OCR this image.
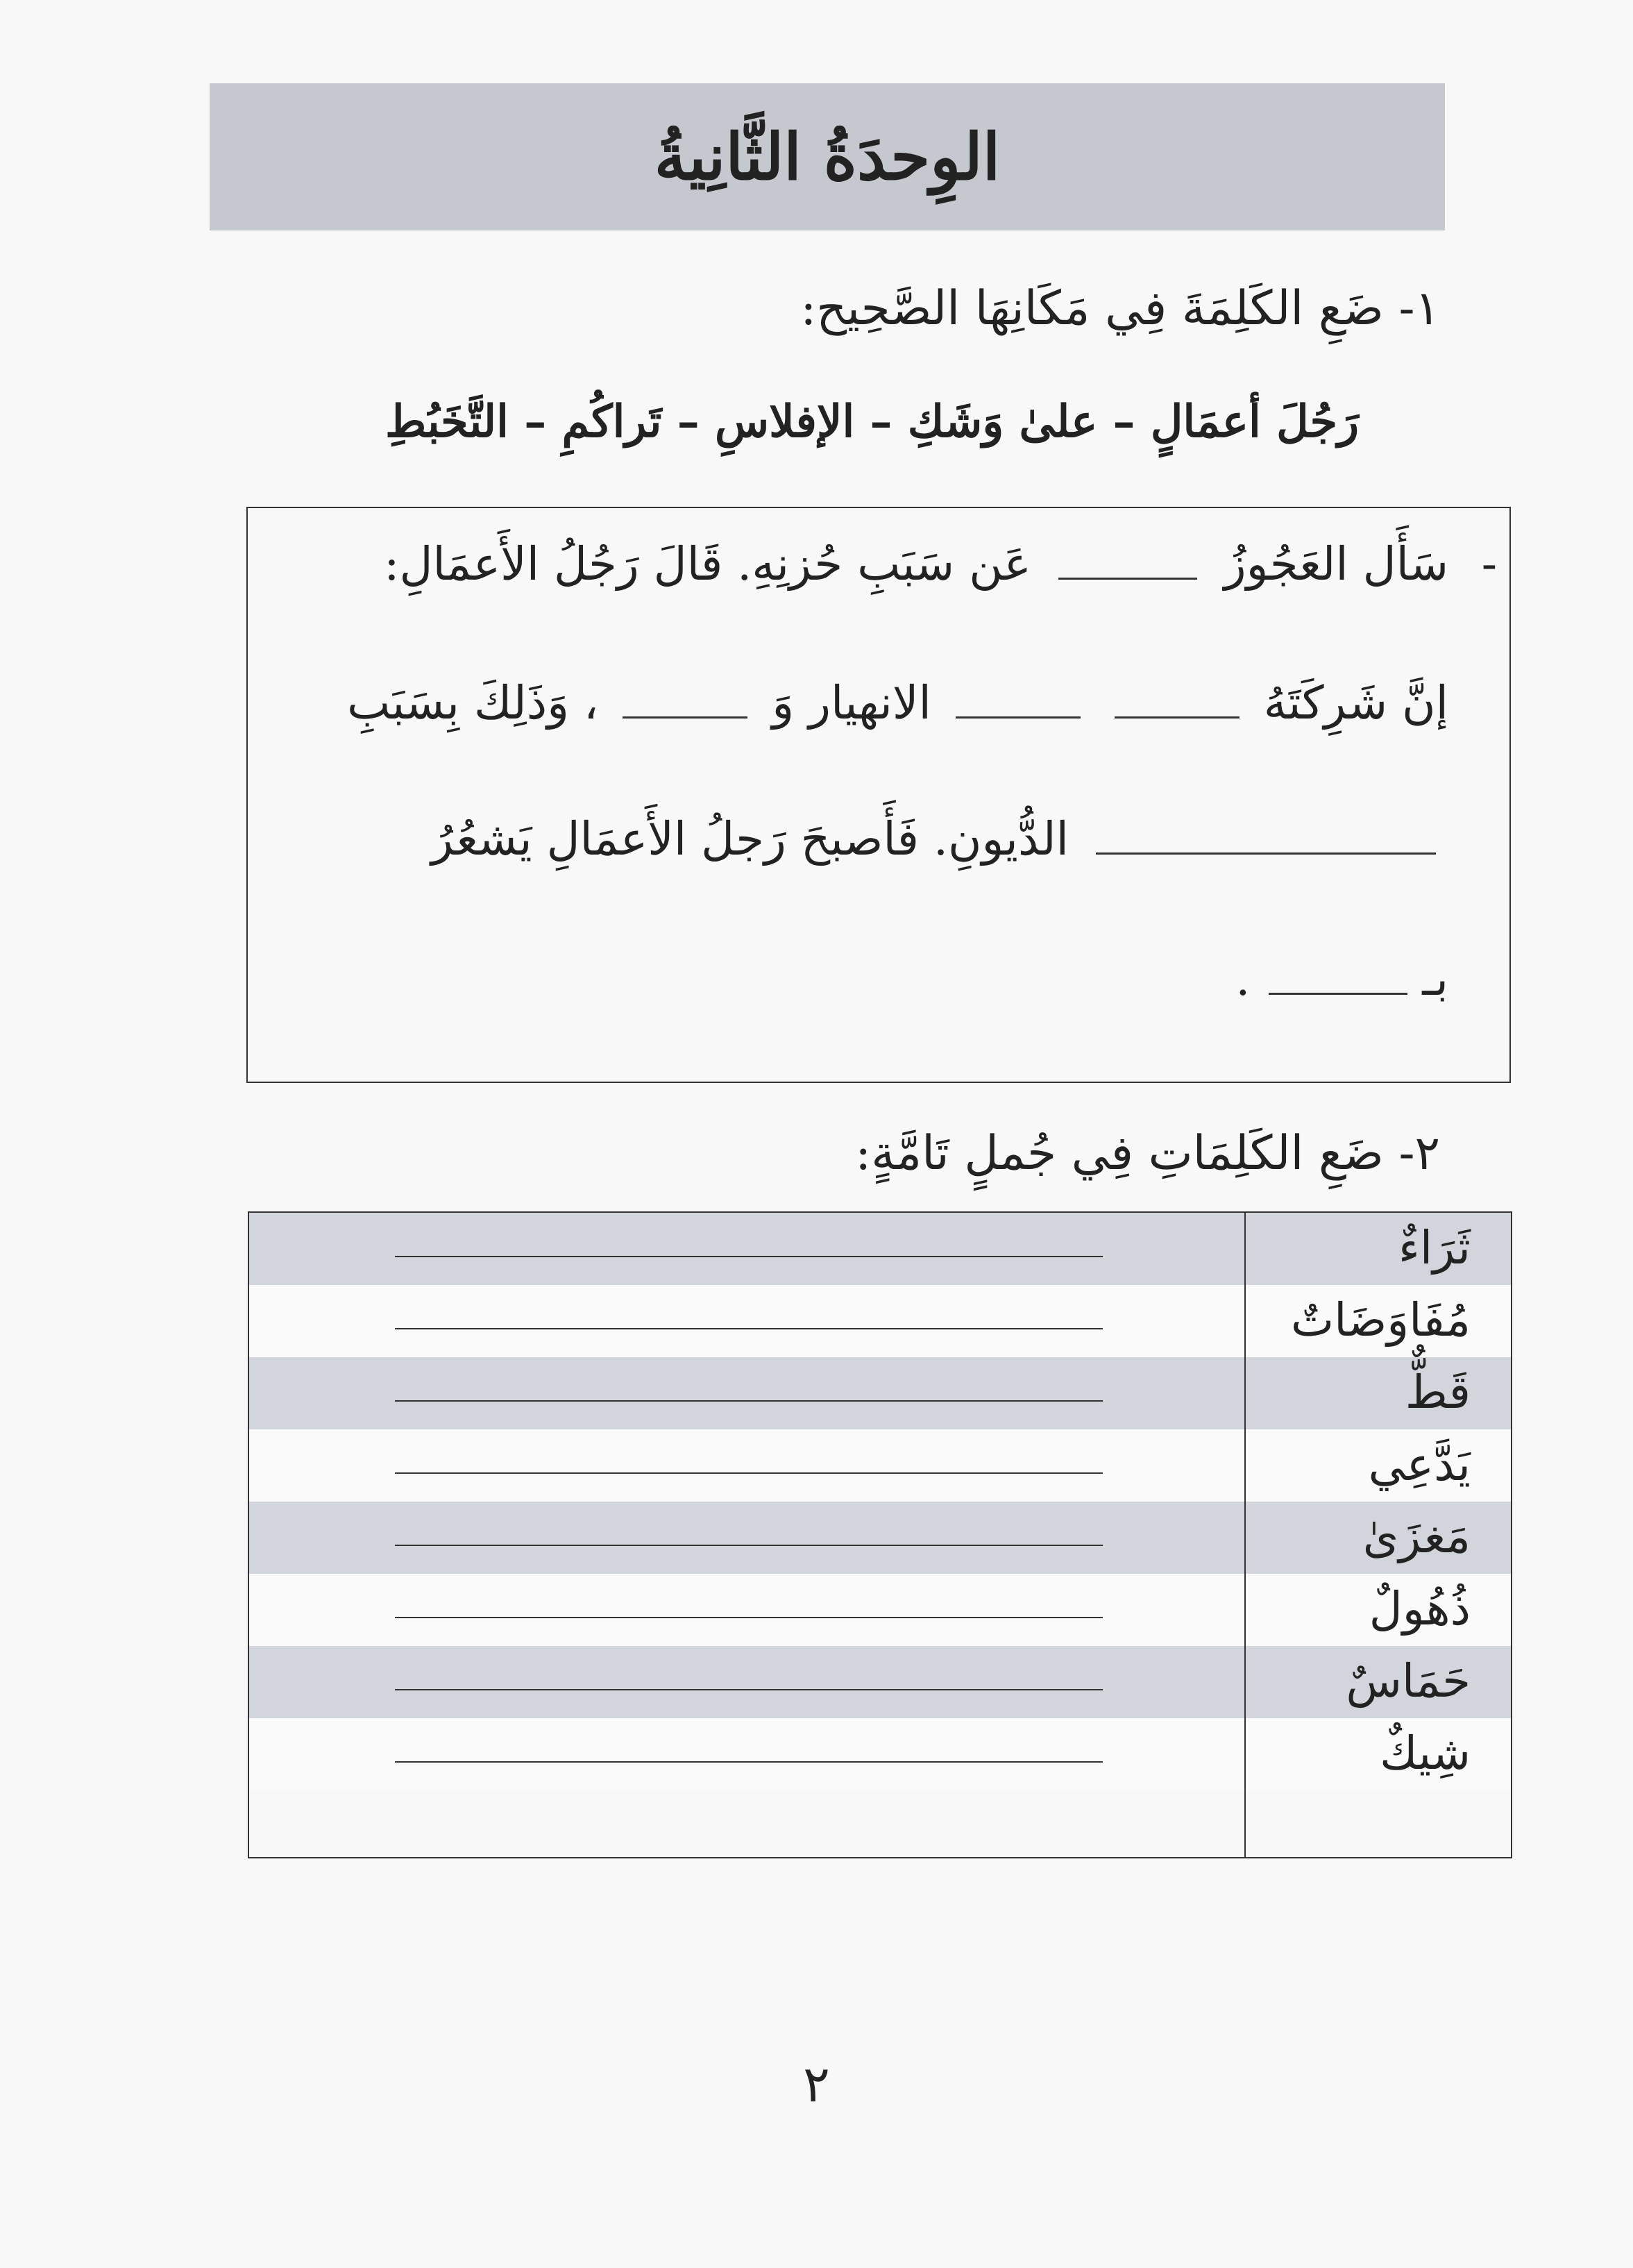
الوِحدَةُ الثَّانِيةُ
١- ضَعِ الكَلِمَةَ فِي مَكَانِهَا الصَّحِيح:
رَجُلَ أعمَالٍ – علىٰ وَشَكِ – الإفلاسِ – تَراكُمِ – التَّخَبُطِ
-
سَأَل العَجُوزُ  عَن سَبَبِ حُزنِهِ. قَالَ رَجُلُ الأَعمَالِ:
إنَّ شَرِكَتَهُ   الانهيار وَ  ، وَذَلِكَ بِسَبَبِ
الدُّيونِ. فَأَصبحَ رَجلُ الأَعمَالِ يَشعُرُ
بـ  .
٢- ضَعِ الكَلِمَاتِ فِي جُملٍ تَامَّةٍ:
ثَرَاءٌ
مُفَاوَضَاتٌ
قَطٌّ
يَدَّعِي
مَغزَىٰ
ذُهُولٌ
حَمَاسٌ
شِيكٌ
٢
